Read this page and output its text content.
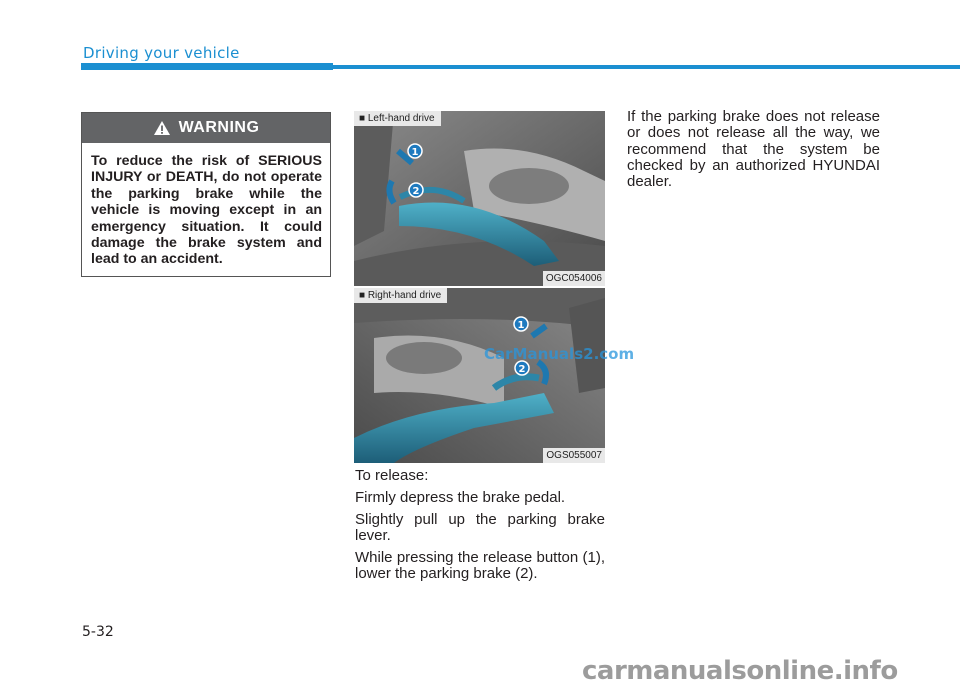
Driving your vehicle
WARNING
To reduce the risk of SERIOUS INJURY or DEATH, do not operate the parking brake while the vehicle is moving except in an emergency situation. It could damage the brake system and lead to an accident.
1
2
■ Left-hand drive
OGC054006
1
2
■ Right-hand drive
OGS055007
CarManuals2.com

To release:

Firmly depress the brake pedal.

Slightly pull up the parking brake lever.

While pressing the release button (1), lower the parking brake (2).

If the parking brake does not release or does not release all the way, we recommend that the system be checked by an authorized HYUNDAI dealer.

5-32
carmanualsonline.info
